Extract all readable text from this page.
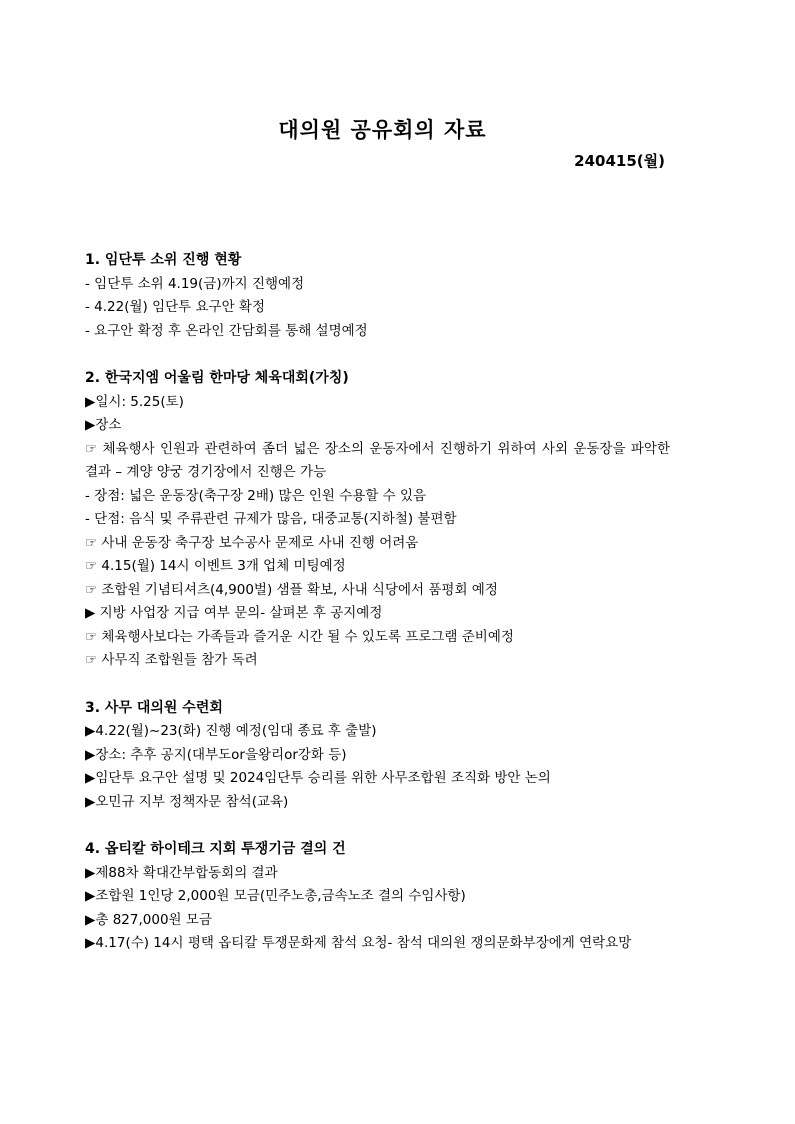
대의원 공유회의 자료
240415(월)

1. 임단투 소위 진행 현황

- 임단투 소위 4.19(금)까지 진행예정

- 4.22(월) 임단투 요구안 확정

- 요구안 확정 후 온라인 간담회를 통해 설명예정

2. 한국지엠 어울림 한마당 체육대회(가칭)

▶일시: 5.25(토)

▶장소

☞ 체육행사 인원과 관련하여 좀더 넓은 장소의 운동자에서 진행하기 위하여 사외 운동장을 파악한 결과 – 계양 양궁 경기장에서 진행은 가능

- 장점: 넓은 운동장(축구장 2배) 많은 인원 수용할 수 있음

- 단점: 음식 및 주류관련 규제가 많음, 대중교통(지하철) 불편함

☞ 사내 운동장 축구장 보수공사 문제로 사내 진행 어려움

☞ 4.15(월) 14시 이벤트 3개 업체 미팅예정

☞ 조합원 기념티셔츠(4,900벌) 샘플 확보, 사내 식당에서 품평회 예정

▶ 지방 사업장 지급 여부 문의- 살펴본 후 공지예정

☞ 체육행사보다는 가족들과 즐거운 시간 될 수 있도록 프로그램 준비예정

☞ 사무직 조합원들 참가 독려

3. 사무 대의원 수련회

▶4.22(월)~23(화) 진행 예정(임대 종료 후 출발)

▶장소: 추후 공지(대부도or을왕리or강화 등)

▶임단투 요구안 설명 및 2024임단투 승리를 위한 사무조합원 조직화 방안 논의

▶오민규 지부 정책자문 참석(교육)

4. 옵티칼 하이테크 지회 투쟁기금 결의 건

▶제88차 확대간부합동회의 결과

▶조합원 1인당 2,000원 모금(민주노총,금속노조 결의 수임사항)

▶총 827,000원 모금

▶4.17(수) 14시 평택 옵티칼 투쟁문화제 참석 요청- 참석 대의원 쟁의문화부장에게 연락요망
